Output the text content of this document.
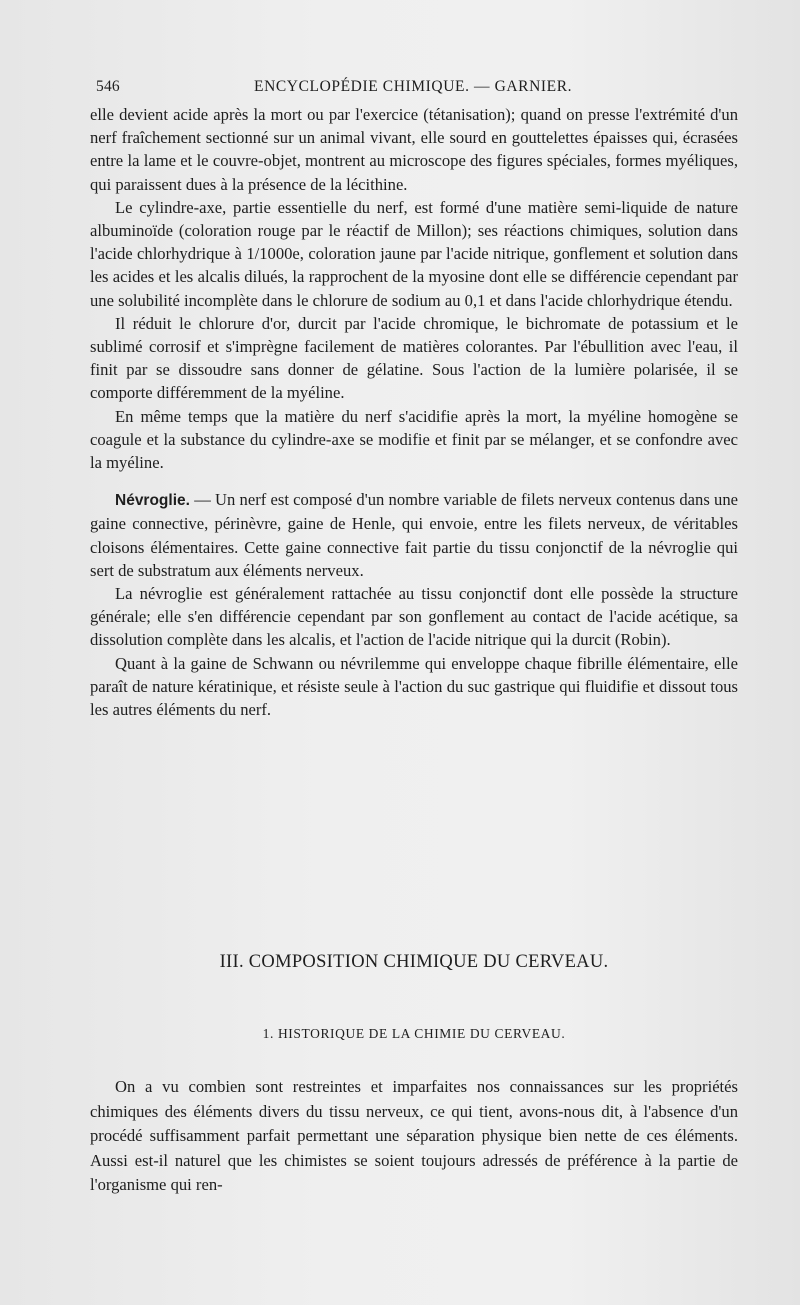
546	ENCYCLOPÉDIE CHIMIQUE. — GARNIER.

elle devient acide après la mort ou par l'exercice (tétanisation); quand on presse l'extrémité d'un nerf fraîchement sectionné sur un animal vivant, elle sourd en gouttelettes épaisses qui, écrasées entre la lame et le couvre-objet, montrent au microscope des figures spéciales, formes myéliques, qui paraissent dues à la présence de la lécithine.

Le cylindre-axe, partie essentielle du nerf, est formé d'une matière semi-liquide de nature albuminoïde (coloration rouge par le réactif de Millon); ses réactions chimiques, solution dans l'acide chlorhydrique à 1/1000e, coloration jaune par l'acide nitrique, gonflement et solution dans les acides et les alcalis dilués, la rapprochent de la myosine dont elle se différencie cependant par une solubilité incomplète dans le chlorure de sodium au 0,1 et dans l'acide chlorhydrique étendu.

Il réduit le chlorure d'or, durcit par l'acide chromique, le bichromate de potassium et le sublimé corrosif et s'imprègne facilement de matières colorantes. Par l'ébullition avec l'eau, il finit par se dissoudre sans donner de gélatine. Sous l'action de la lumière polarisée, il se comporte différemment de la myéline.

En même temps que la matière du nerf s'acidifie après la mort, la myéline homogène se coagule et la substance du cylindre-axe se modifie et finit par se mélanger, et se confondre avec la myéline.

Névroglie. — Un nerf est composé d'un nombre variable de filets nerveux contenus dans une gaine connective, périnèvre, gaine de Henle, qui envoie, entre les filets nerveux, de véritables cloisons élémentaires. Cette gaine connective fait partie du tissu conjonctif de la névroglie qui sert de substratum aux éléments nerveux.

La névroglie est généralement rattachée au tissu conjonctif dont elle possède la structure générale; elle s'en différencie cependant par son gonflement au contact de l'acide acétique, sa dissolution complète dans les alcalis, et l'action de l'acide nitrique qui la durcit (Robin).

Quant à la gaine de Schwann ou névrilemme qui enveloppe chaque fibrille élémentaire, elle paraît de nature kératinique, et résiste seule à l'action du suc gastrique qui fluidifie et dissout tous les autres éléments du nerf.

III. COMPOSITION CHIMIQUE DU CERVEAU.
1. HISTORIQUE DE LA CHIMIE DU CERVEAU.

On a vu combien sont restreintes et imparfaites nos connaissances sur les propriétés chimiques des éléments divers du tissu nerveux, ce qui tient, avons-nous dit, à l'absence d'un procédé suffisamment parfait permettant une séparation physique bien nette de ces éléments. Aussi est-il naturel que les chimistes se soient toujours adressés de préférence à la partie de l'organisme qui ren-
